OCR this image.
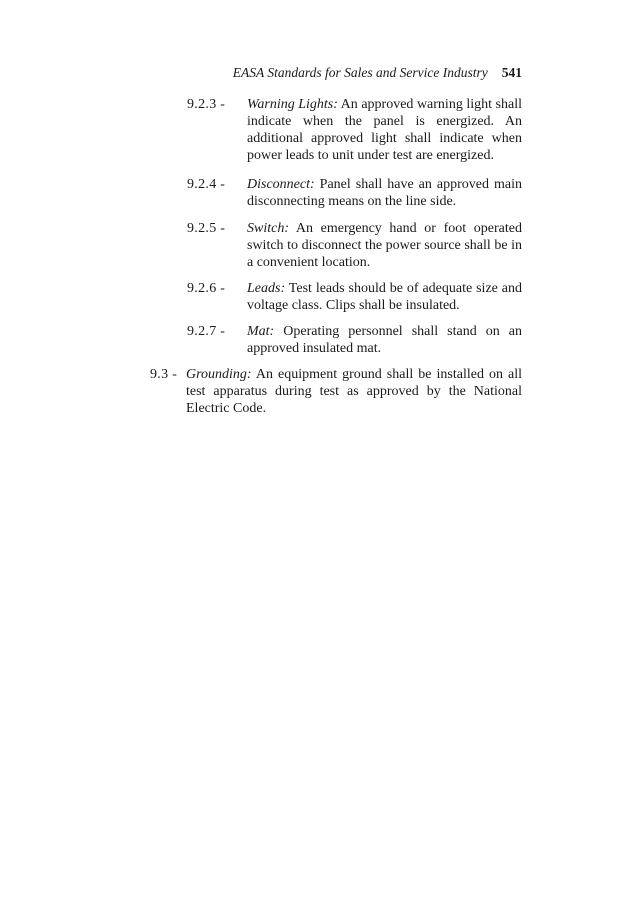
EASA Standards for Sales and Service Industry 541
9.2.3 - Warning Lights: An approved warning light shall indicate when the panel is energized. An additional approved light shall indicate when power leads to unit under test are energized.
9.2.4 - Disconnect: Panel shall have an approved main disconnecting means on the line side.
9.2.5 - Switch: An emergency hand or foot operated switch to disconnect the power source shall be in a convenient location.
9.2.6 - Leads: Test leads should be of adequate size and voltage class. Clips shall be insulated.
9.2.7 - Mat: Operating personnel shall stand on an approved insulated mat.
9.3 - Grounding: An equipment ground shall be installed on all test apparatus during test as approved by the National Electric Code.
